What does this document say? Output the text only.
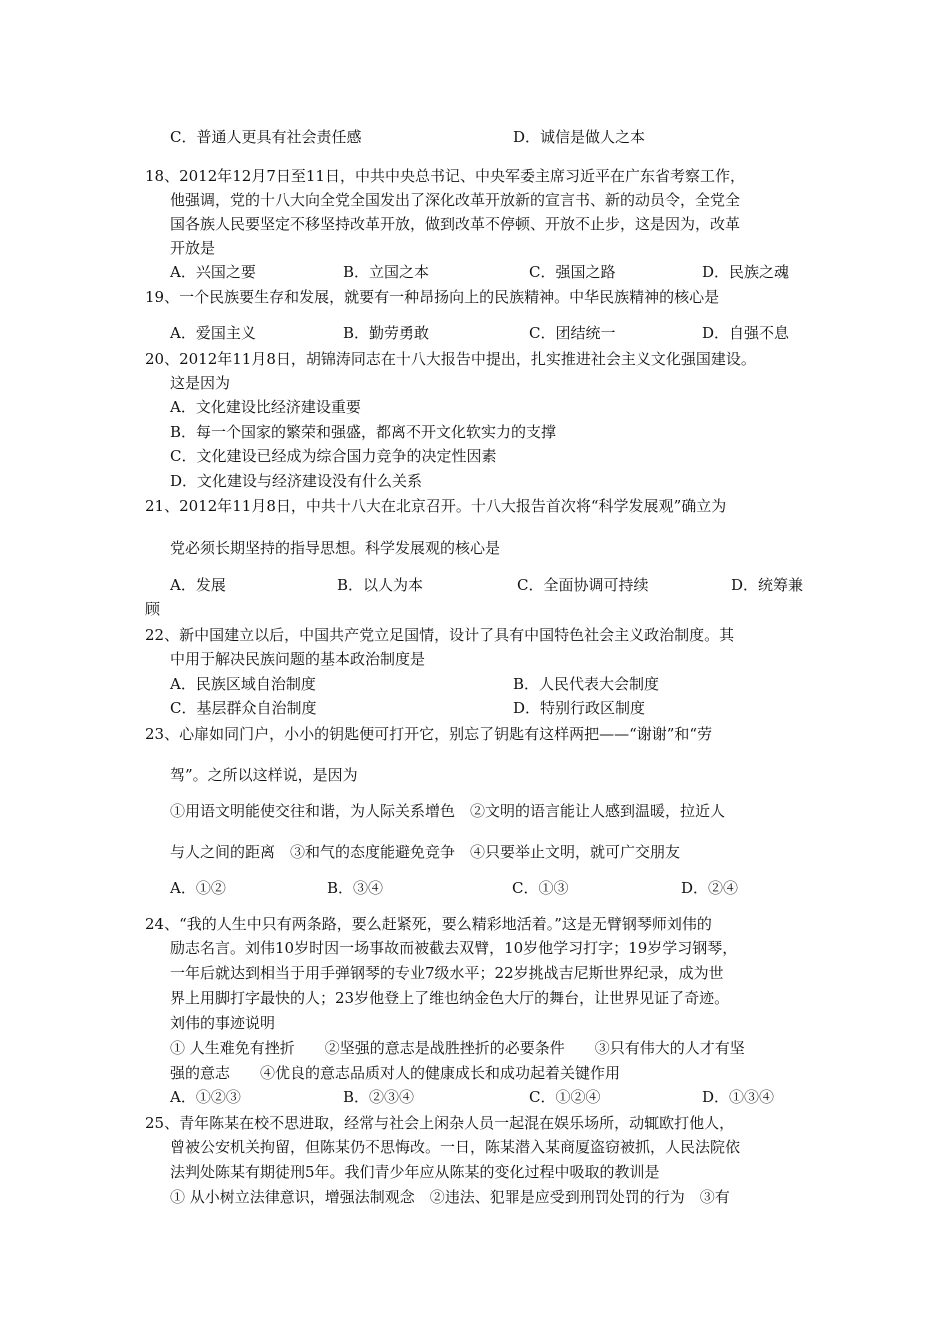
C．普通人更具有社会责任感	D．诚信是做人之本
18、2012年12月7日至11日，中共中央总书记、中央军委主席习近平在广东省考察工作，
他强调，党的十八大向全党全国发出了深化改革开放新的宣言书、新的动员令，全党全
国各族人民要坚定不移坚持改革开放，做到改革不停顿、开放不止步，这是因为，改革
开放是
A．兴国之要	B．立国之本	C．强国之路	D．民族之魂
19、一个民族要生存和发展，就要有一种昂扬向上的民族精神。中华民族精神的核心是
A．爱国主义	B．勤劳勇敢	C．团结统一	D．自强不息
20、2012年11月8日，胡锦涛同志在十八大报告中提出，扎实推进社会主义文化强国建设。
这是因为
A．文化建设比经济建设重要
B．每一个国家的繁荣和强盛，都离不开文化软实力的支撑
C．文化建设已经成为综合国力竞争的决定性因素
D．文化建设与经济建设没有什么关系
21、2012年11月8日，中共十八大在北京召开。十八大报告首次将“科学发展观”确立为
党必须长期坚持的指导思想。科学发展观的核心是
A．发展	B．以人为本	C．全面协调可持续	D．统筹兼
顾
22、新中国建立以后，中国共产党立足国情，设计了具有中国特色社会主义政治制度。其
中用于解决民族问题的基本政治制度是
A．民族区域自治制度	B．人民代表大会制度
C．基层群众自治制度	D．特别行政区制度
23、心扉如同门户，小小的钥匙便可打开它，别忘了钥匙有这样两把——“谢谢”和“劳
驾”。之所以这样说，是因为
①用语文明能使交往和谐，为人际关系增色　②文明的语言能让人感到温暖，拉近人
与人之间的距离　③和气的态度能避免竞争　④只要举止文明，就可广交朋友
A．①②	B．③④	C．①③	D．②④
24、“我的人生中只有两条路，要么赶紧死，要么精彩地活着。”这是无臂钢琴师刘伟的
励志名言。刘伟10岁时因一场事故而被截去双臂，10岁他学习打字；19岁学习钢琴，
一年后就达到相当于用手弹钢琴的专业7级水平；22岁挑战吉尼斯世界纪录，成为世
界上用脚打字最快的人；23岁他登上了维也纳金色大厅的舞台，让世界见证了奇迹。
刘伟的事迹说明
① 人生难免有挫折　　②坚强的意志是战胜挫折的必要条件　　③只有伟大的人才有坚
强的意志　　④优良的意志品质对人的健康成长和成功起着关键作用
A．①②③	B．②③④	C．①②④	D．①③④
25、青年陈某在校不思进取，经常与社会上闲杂人员一起混在娱乐场所，动辄欧打他人，
曾被公安机关拘留，但陈某仍不思悔改。一日，陈某潜入某商厦盗窃被抓，人民法院依
法判处陈某有期徒刑5年。我们青少年应从陈某的变化过程中吸取的教训是
① 从小树立法律意识，增强法制观念　②违法、犯罪是应受到刑罚处罚的行为　③有
